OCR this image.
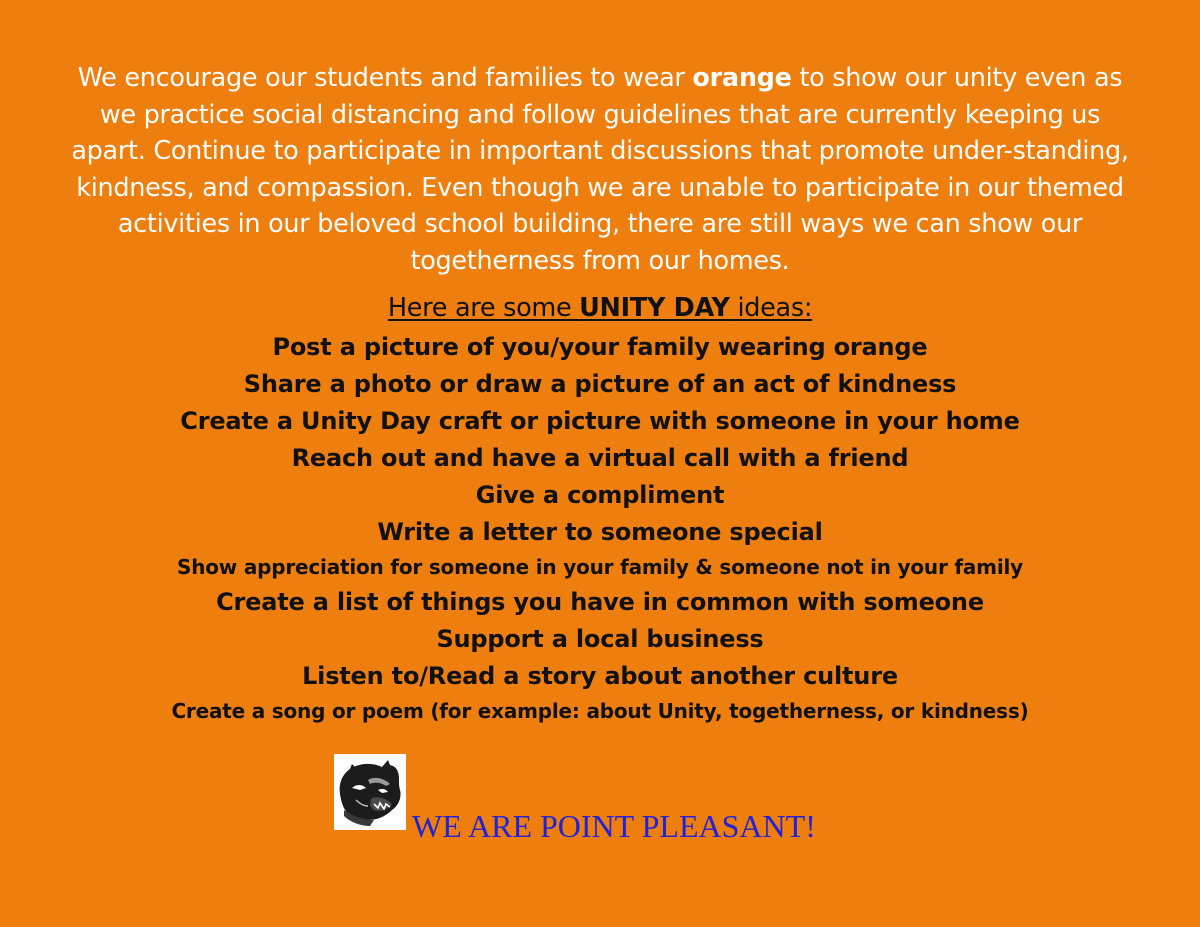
We encourage our students and families to wear orange to show our unity even as we practice social distancing and follow guidelines that are currently keeping us apart. Continue to participate in important discussions that promote under-standing, kindness, and compassion. Even though we are unable to participate in our themed activities in our beloved school building, there are still ways we can show our togetherness from our homes.

Here are some UNITY DAY ideas:
Post a picture of you/your family wearing orange
Share a photo or draw a picture of an act of kindness
Create a Unity Day craft or picture with someone in your home
Reach out and have a virtual call with a friend
Give a compliment
Write a letter to someone special
Show appreciation for someone in your family & someone not in your family
Create a list of things you have in common with someone
Support a local business
Listen to/Read a story about another culture
Create a song or poem (for example: about Unity, togetherness, or kindness)
WE ARE POINT PLEASANT!
